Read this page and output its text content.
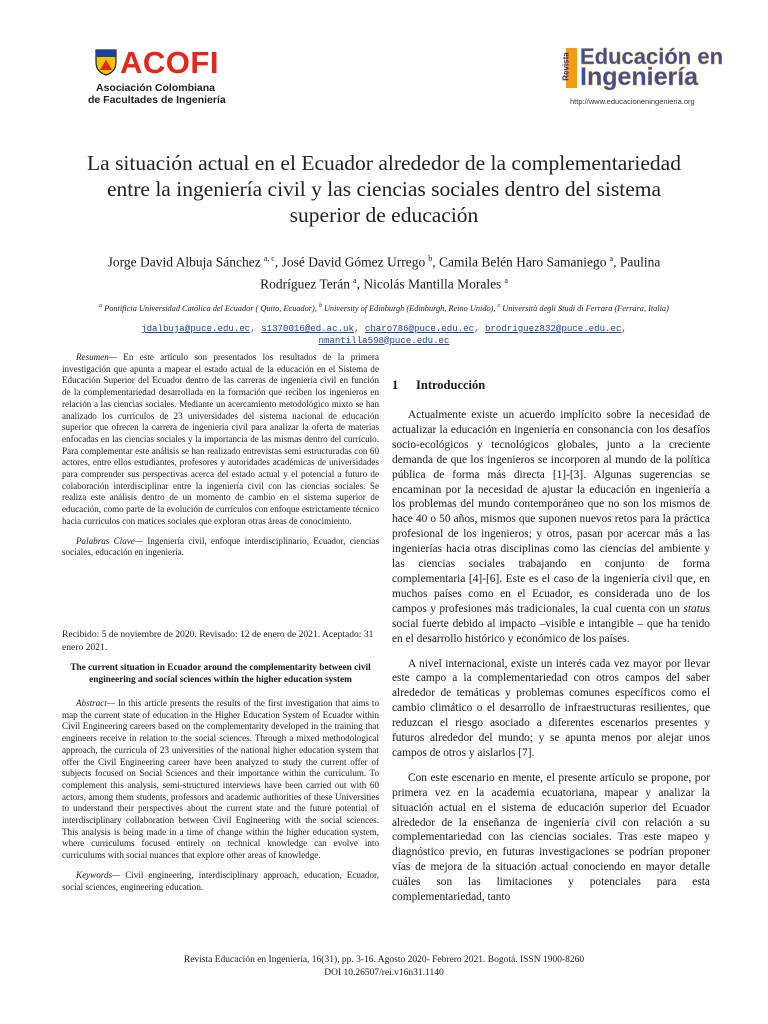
ACOFI
Asociación Colombiana
de Facultades de Ingeniería
Revista Educación en
Ingeniería
http://www.educacioneningenieria.org
La situación actual en el Ecuador alrededor de la complementariedad entre la ingeniería civil y las ciencias sociales dentro del sistema superior de educación
Jorge David Albuja Sánchez $^{a, c}$, José David Gómez Urrego $^b$, Camila Belén Haro Samaniego $^a$, Paulina Rodríguez Terán $^a$, Nicolás Mantilla Morales $^a$
$^a$ Pontificia Universidad Católica del Ecuador ( Quito, Ecuador), $^b$ University of Edinburgh (Edinburgh, Reino Unido), $^c$ Università degli Studi di Ferrara (Ferrara, Italia)
jdalbuja@puce.edu.ec, s1370016@ed.ac.uk, charo786@puce.edu.ec, brodriguez832@puce.edu.ec, nmantilla598@puce.edu.ec

Resumen— En este artículo son presentados los resultados de la primera investigación que apunta a mapear el estado actual de la educación en el Sistema de Educación Superior del Ecuador dentro de las carreras de ingeniería civil en función de la complementariedad desarrollada en la formación que reciben los ingenieros en relación a las ciencias sociales. Mediante un acercamiento metodológico mixto se han analizado los currículos de 23 universidades del sistema nacional de educación superior que ofrecen la carrera de ingeniería civil para analizar la oferta de materias enfocadas en las ciencias sociales y la importancia de las mismas dentro del currículo. Para complementar este análisis se han realizado entrevistas semi estructuradas con 60 actores, entre ellos estudiantes, profesores y autoridades académicas de universidades para comprender sus perspectivas acerca del estado actual y el potencial a futuro de colaboración interdisciplinar entre la ingeniería civil con las ciencias sociales. Se realiza este análisis dentro de un momento de cambio en el sistema superior de educación, como parte de la evolución de currículos con enfoque estrictamente técnico hacia currículos con matices sociales que exploran otras áreas de conocimiento.

Palabras Clave— Ingeniería civil, enfoque interdisciplinario, Ecuador, ciencias sociales, educación en ingeniería.

Recibido: 5 de noviembre de 2020. Revisado: 12 de enero de 2021. Aceptado: 31 enero 2021.
The current situation in Ecuador around the complementarity between civil engineering and social sciences within the higher education system

Abstract— In this article presents the results of the first investigation that aims to map the current state of education in the Higher Education System of Ecuador within Civil Engineering careers based on the complementarity developed in the training that engineers receive in relation to the social sciences. Through a mixed methodological approach, the curricula of 23 universities of the national higher education system that offer the Civil Engineering career have been analyzed to study the current offer of subjects focused on Social Sciences and their importance within the curriculum. To complement this analysis, semi-structured interviews have been carried out with 60 actors, among them students, professors and academic authorities of these Universities to understand their perspectives about the current state and the future potential of interdisciplinary collaboration between Civil Engineering with the social sciences. This analysis is being made in a time of change within the higher education system, where curriculums focused entirely on technical knowledge can evolve into curriculums with social nuances that explore other areas of knowledge.

Keywords— Civil engineering, interdisciplinary approach, education, Ecuador, social sciences, engineering education.

1 Introducción

Actualmente existe un acuerdo implícito sobre la necesidad de actualizar la educación en ingeniería en consonancia con los desafíos socio-ecológicos y tecnológicos globales, junto a la creciente demanda de que los ingenieros se incorporen al mundo de la política pública de forma más directa [1]-[3]. Algunas sugerencias se encaminan por la necesidad de ajustar la educación en ingeniería a los problemas del mundo contemporáneo que no son los mismos de hace 40 o 50 años, mismos que suponen nuevos retos para la práctica profesional de los ingenieros; y otros, pasan por acercar más a las ingenierías hacia otras disciplinas como las ciencias del ambiente y las ciencias sociales trabajando en conjunto de forma complementaria [4]-[6]. Este es el caso de la ingeniería civil que, en muchos países como en el Ecuador, es considerada uno de los campos y profesiones más tradicionales, la cual cuenta con un status social fuerte debido al impacto –visible e intangible – que ha tenido en el desarrollo histórico y económico de los países.

A nivel internacional, existe un interés cada vez mayor por llevar este campo a la complementariedad con otros campos del saber alrededor de temáticas y problemas comunes específicos como el cambio climático o el desarrollo de infraestructuras resilientes, que reduzcan el riesgo asociado a diferentes escenarios presentes y futuros alrededor del mundo; y se apunta menos por alejar unos campos de otros y aislarlos [7].

Con este escenario en mente, el presente artículo se propone, por primera vez en la academia ecuatoriana, mapear y analizar la situación actual en el sistema de educación superior del Ecuador alrededor de la enseñanza de ingeniería civil con relación a su complementariedad con las ciencias sociales. Tras este mapeo y diagnóstico previo, en futuras investigaciones se podrían proponer vías de mejora de la situación actual conociendo en mayor detalle cuáles son las limitaciones y potenciales para esta complementariedad, tanto

Revista Educación en Ingeniería, 16(31), pp. 3-16. Agosto 2020- Febrero 2021. Bogotá. ISSN 1900-8260
DOI 10.26507/rei.v16n31.1140
